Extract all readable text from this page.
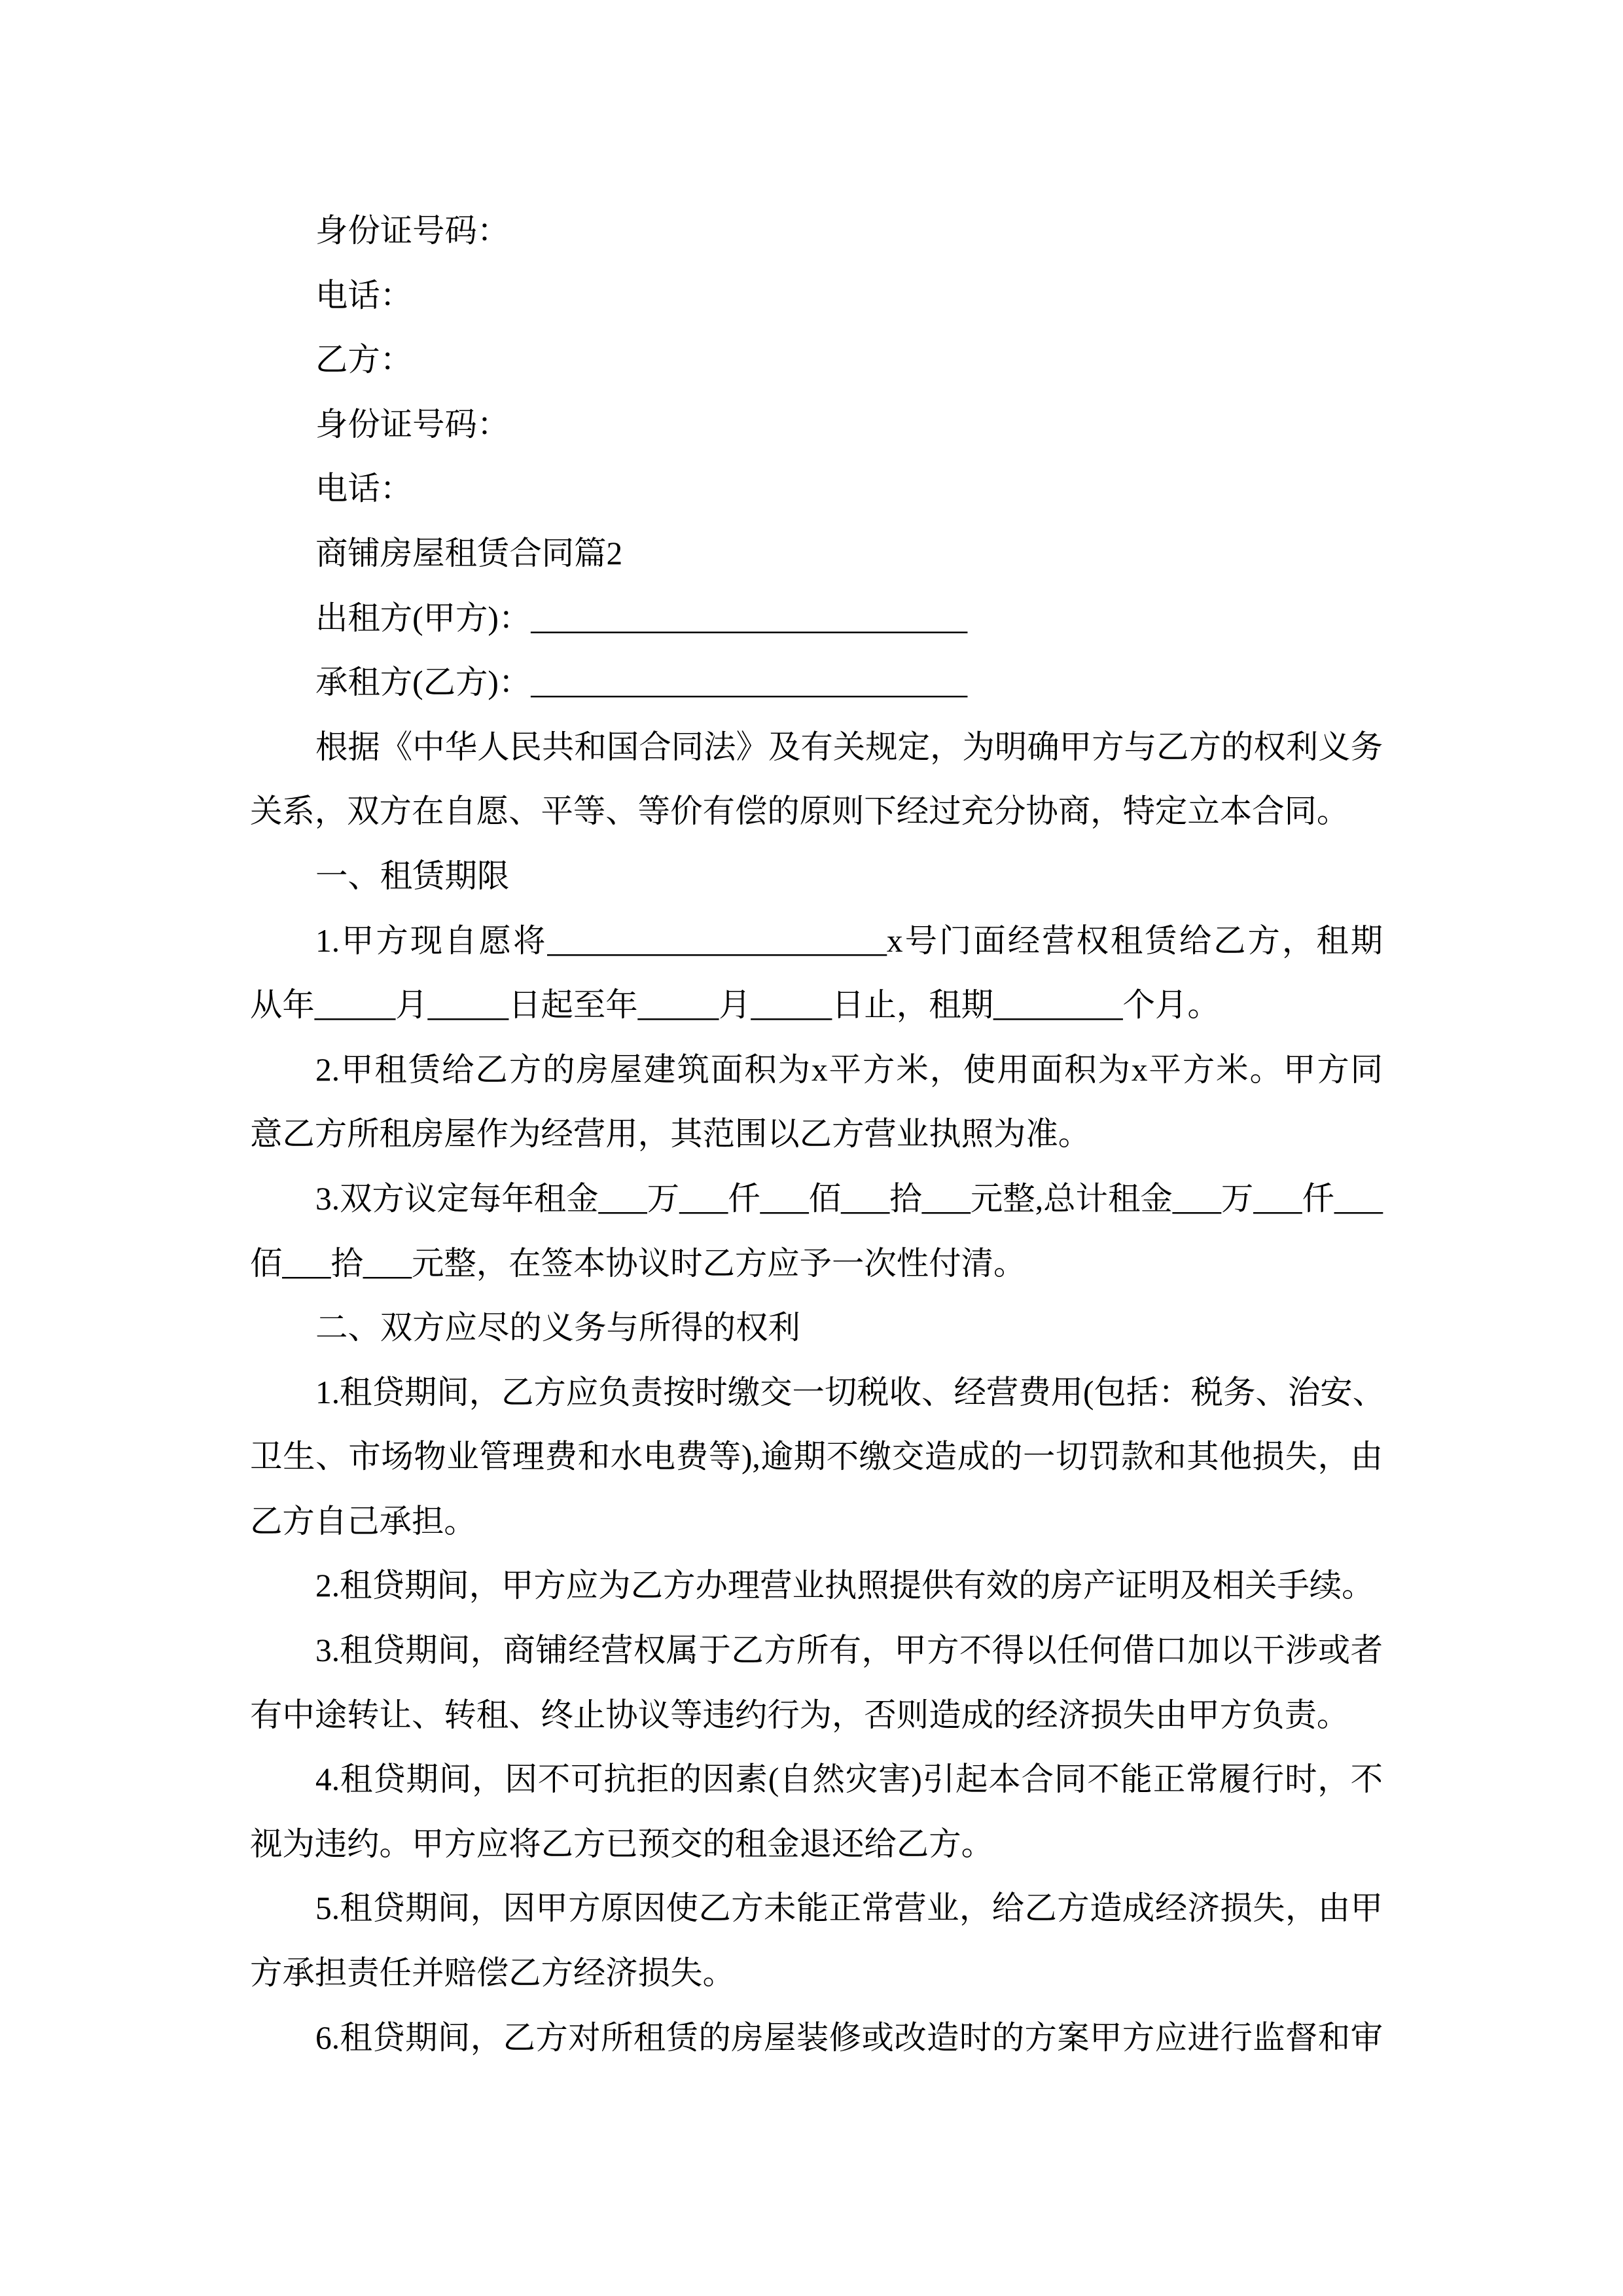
身份证号码：
电话：
乙方：
身份证号码：
电话：
商铺房屋租赁合同篇2
出租方(甲方)：___________________________
承租方(乙方)：___________________________
根据《中华人民共和国合同法》及有关规定，为明确甲方与乙方的权利义务
关系，双方在自愿、平等、等价有偿的原则下经过充分协商，特定立本合同。
一、租赁期限
1.甲方现自愿将_____________________x号门面经营权租赁给乙方，租期
从年_____月_____日起至年_____月_____日止，租期________个月。
2.甲租赁给乙方的房屋建筑面积为x平方米，使用面积为x平方米。甲方同
意乙方所租房屋作为经营用，其范围以乙方营业执照为准。
3.双方议定每年租金___万___仟___佰___拾___元整,总计租金___万___仟___
佰___拾___元整，在签本协议时乙方应予一次性付清。
二、双方应尽的义务与所得的权利
1.租贷期间，乙方应负责按时缴交一切税收、经营费用(包括：税务、治安、
卫生、市场物业管理费和水电费等),逾期不缴交造成的一切罚款和其他损失，由
乙方自己承担。
2.租贷期间，甲方应为乙方办理营业执照提供有效的房产证明及相关手续。
3.租贷期间，商铺经营权属于乙方所有，甲方不得以任何借口加以干涉或者
有中途转让、转租、终止协议等违约行为，否则造成的经济损失由甲方负责。
4.租贷期间，因不可抗拒的因素(自然灾害)引起本合同不能正常履行时，不
视为违约。甲方应将乙方已预交的租金退还给乙方。
5.租贷期间，因甲方原因使乙方未能正常营业，给乙方造成经济损失，由甲
方承担责任并赔偿乙方经济损失。
6.租贷期间，乙方对所租赁的房屋装修或改造时的方案甲方应进行监督和审
